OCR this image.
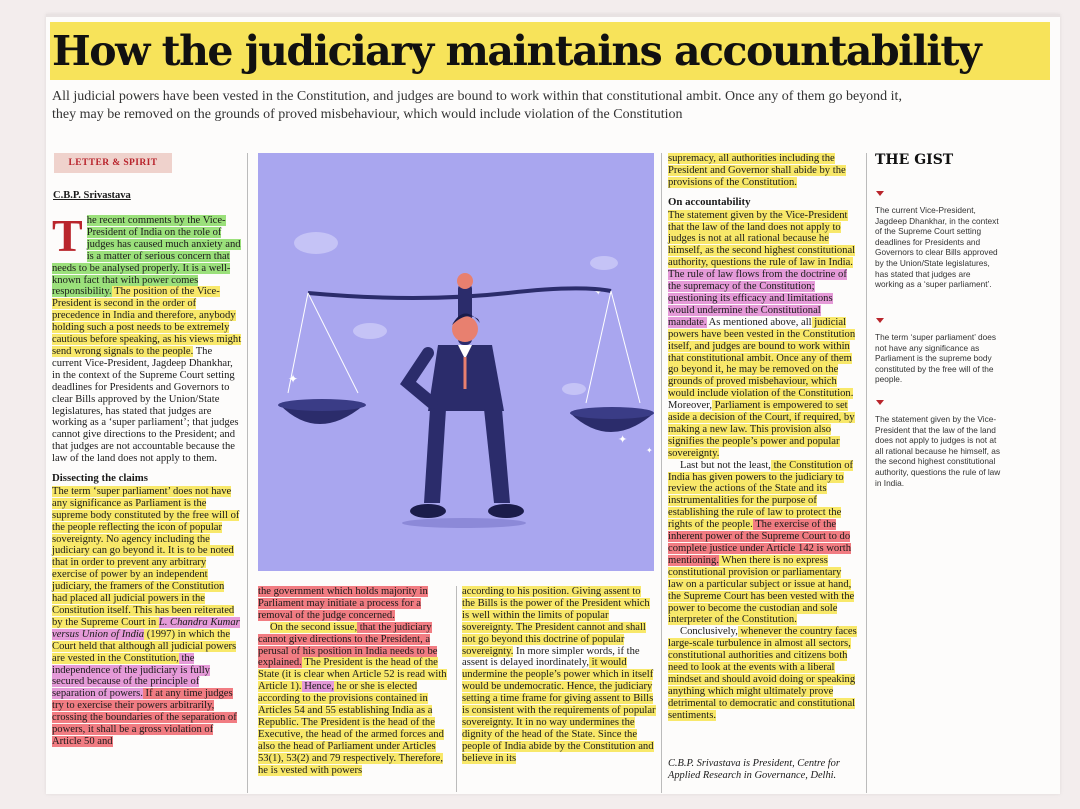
How the judiciary maintains accountability

All judicial powers have been vested in the Constitution, and judges are bound to work within that constitutional ambit. Once any of them go beyond it, they may be removed on the grounds of proved misbehaviour, which would include violation of the Constitution

LETTER & SPIRIT
C.B.P. Srivastava
T he recent comments by the Vice-President of India on the role of judges has caused much anxiety and is a matter of serious concern that needs to be analysed properly. It is a well-known fact that with power comes responsibility. The position of the Vice-President is second in the order of precedence in India and therefore, anybody holding such a post needs to be extremely cautious before speaking, as his views might send wrong signals to the people. The current Vice-President, Jagdeep Dhankhar, in the context of the Supreme Court setting deadlines for Presidents and Governors to clear Bills approved by the Union/State legislatures, has stated that judges are working as a ‘super parliament’; that judges cannot give directions to the President; and that judges are not accountable because the law of the land does not apply to them.

Dissecting the claims

The term ‘super parliament’ does not have any significance as Parliament is the supreme body constituted by the free will of the people reflecting the icon of popular sovereignty. No agency including the judiciary can go beyond it. It is to be noted that in order to prevent any arbitrary exercise of power by an independent judiciary, the framers of the Constitution had placed all judicial powers in the Constitution itself. This has been reiterated by the Supreme Court in L. Chandra Kumar versus Union of India (1997) in which the Court held that although all judicial powers are vested in the Constitution, the independence of the judiciary is fully secured because of the principle of separation of powers. If at any time judges try to exercise their powers arbitrarily, crossing the boundaries of the separation of powers, it shall be a gross violation of Article 50 and

✦
✦
✦
✦

the government which holds majority in Parliament may initiate a process for a removal of the judge concerned.

On the second issue, that the judiciary cannot give directions to the President, a perusal of his position in India needs to be explained. The President is the head of the State (it is clear when Article 52 is read with Article 1). Hence, he or she is elected according to the provisions contained in Articles 54 and 55 establishing India as a Republic. The President is the head of the Executive, the head of the armed forces and also the head of Parliament under Articles 53(1), 53(2) and 79 respectively. Therefore, he is vested with powers

according to his position. Giving assent to the Bills is the power of the President which is well within the limits of popular sovereignty. The President cannot and shall not go beyond this doctrine of popular sovereignty. In more simpler words, if the assent is delayed inordinately, it would undermine the people’s power which in itself would be undemocratic. Hence, the judiciary setting a time frame for giving assent to Bills is consistent with the requirements of popular sovereignty. It in no way undermines the dignity of the head of the State. Since the people of India abide by the Constitution and believe in its

supremacy, all authorities including the President and Governor shall abide by the provisions of the Constitution.

On accountability

The statement given by the Vice-President that the law of the land does not apply to judges is not at all rational because he himself, as the second highest constitutional authority, questions the rule of law in India. The rule of law flows from the doctrine of the supremacy of the Constitution; questioning its efficacy and limitations would undermine the Constitutional mandate. As mentioned above, all judicial powers have been vested in the Constitution itself, and judges are bound to work within that constitutional ambit. Once any of them go beyond it, he may be removed on the grounds of proved misbehaviour, which would include violation of the Constitution. Moreover, Parliament is empowered to set aside a decision of the Court, if required, by making a new law. This provision also signifies the people’s power and popular sovereignty.

Last but not the least, the Constitution of India has given powers to the judiciary to review the actions of the State and its instrumentalities for the purpose of establishing the rule of law to protect the rights of the people. The exercise of the inherent power of the Supreme Court to do complete justice under Article 142 is worth mentioning. When there is no express constitutional provision or parliamentary law on a particular subject or issue at hand, the Supreme Court has been vested with the power to become the custodian and sole interpreter of the Constitution.

Conclusively, whenever the country faces large-scale turbulence in almost all sectors, constitutional authorities and citizens both need to look at the events with a liberal mindset and should avoid doing or speaking anything which might ultimately prove detrimental to democratic and constitutional sentiments.

C.B.P. Srivastava is President, Centre for Applied Research in Governance, Delhi.

THE GIST

The current Vice-President, Jagdeep Dhankhar, in the context of the Supreme Court setting deadlines for Presidents and Governors to clear Bills approved by the Union/State legislatures, has stated that judges are working as a ‘super parliament’.

The term ‘super parliament’ does not have any significance as Parliament is the supreme body constituted by the free will of the people.

The statement given by the Vice-President that the law of the land does not apply to judges is not at all rational because he himself, as the second highest constitutional authority, questions the rule of law in India.
